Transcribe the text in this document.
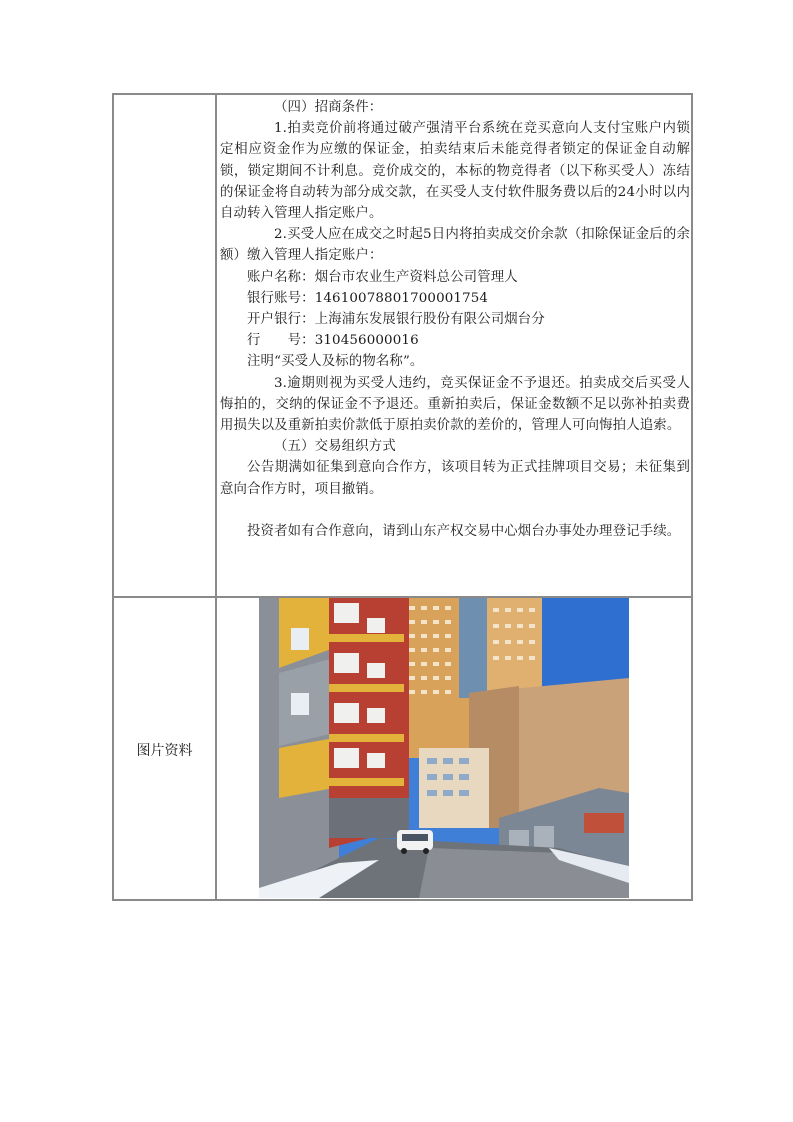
（四）招商条件：

1.拍卖竞价前将通过破产强清平台系统在竞买意向人支付宝账户内锁定相应资金作为应缴的保证金，拍卖结束后未能竞得者锁定的保证金自动解锁，锁定期间不计利息。竞价成交的，本标的物竞得者（以下称买受人）冻结的保证金将自动转为部分成交款，在买受人支付软件服务费以后的24小时以内自动转入管理人指定账户。

2.买受人应在成交之时起5日内将拍卖成交价余款（扣除保证金后的余额）缴入管理人指定账户：

账户名称：烟台市农业生产资料总公司管理人

银行账号：14610078801700001754

开户银行：上海浦东发展银行股份有限公司烟台分

行　　号：310456000016

注明“买受人及标的物名称”。

3.逾期则视为买受人违约，竞买保证金不予退还。拍卖成交后买受人悔拍的，交纳的保证金不予退还。重新拍卖后，保证金数额不足以弥补拍卖费用损失以及重新拍卖价款低于原拍卖价款的差价的，管理人可向悔拍人追索。

（五）交易组织方式

公告期满如征集到意向合作方，该项目转为正式挂牌项目交易；未征集到意向合作方时，项目撤销。

投资者如有合作意向，请到山东产权交易中心烟台办事处办理登记手续。

图片资料
